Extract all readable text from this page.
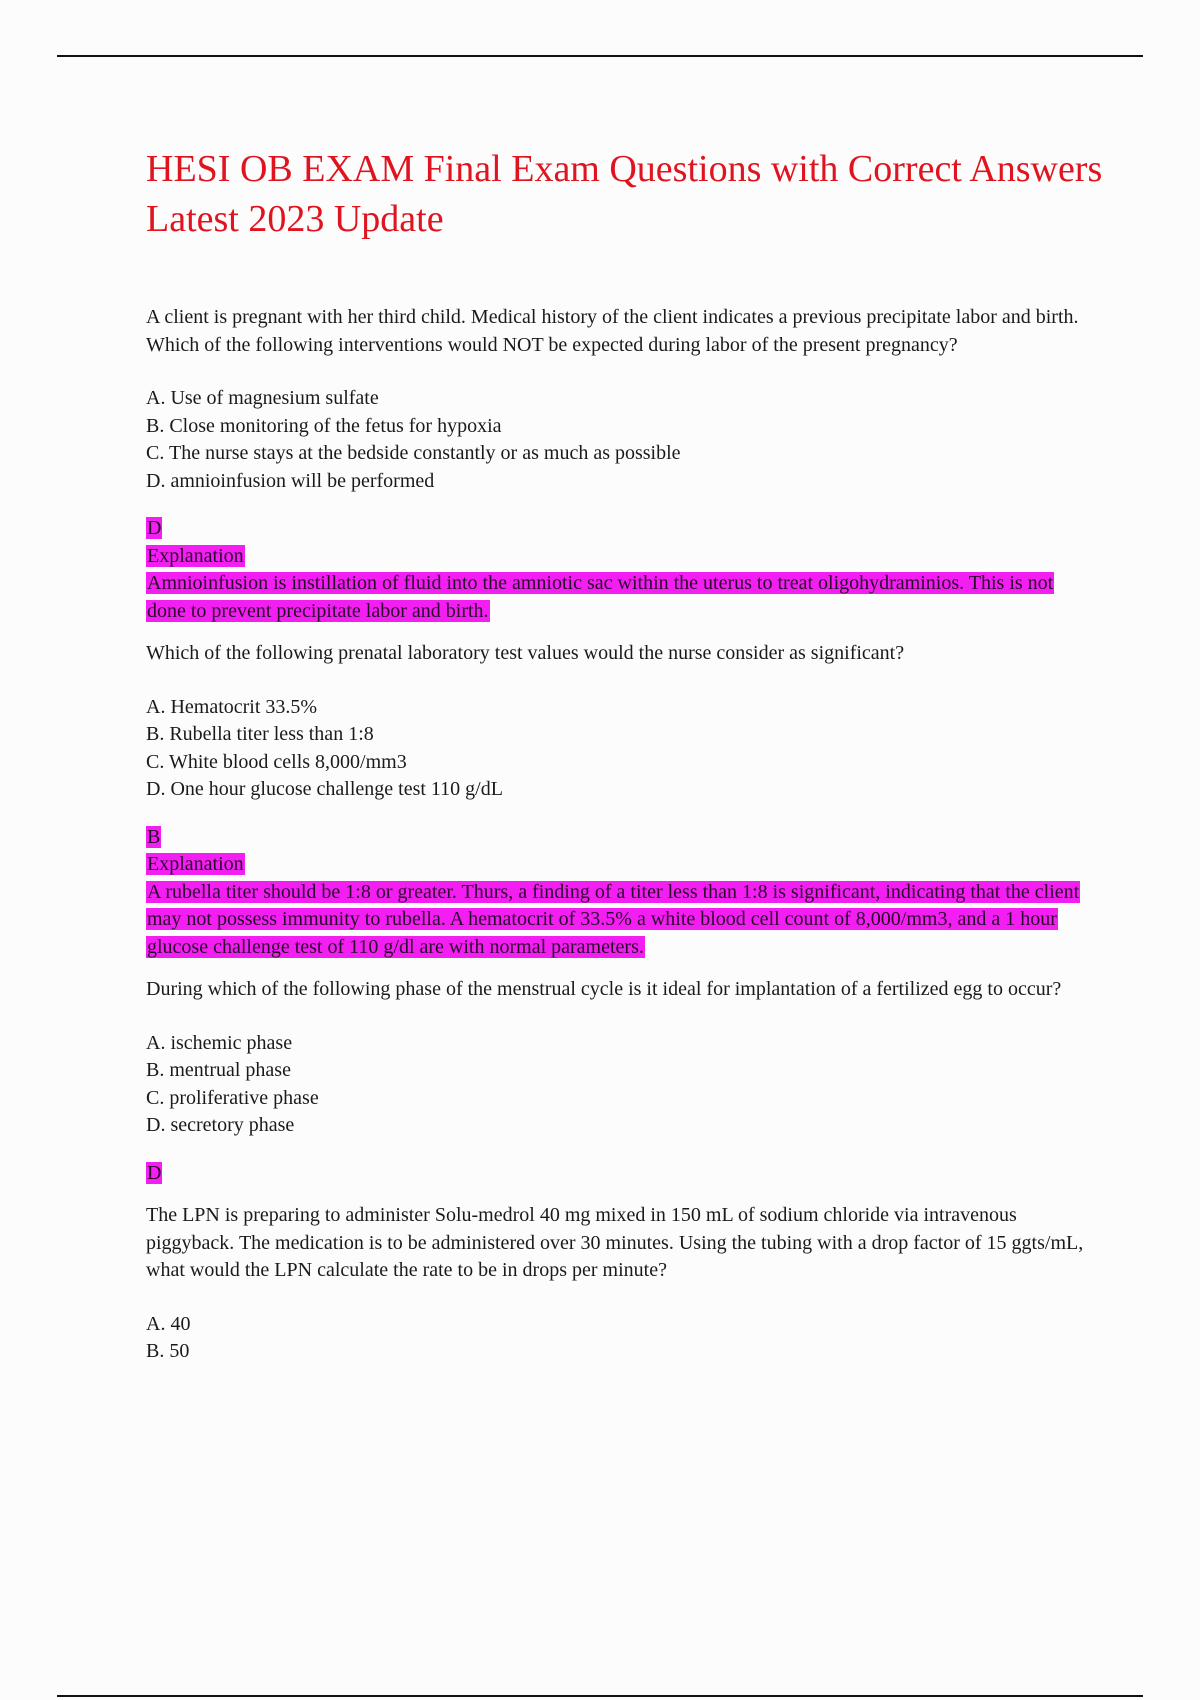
HESI OB EXAM Final Exam Questions with Correct Answers Latest 2023 Update

A client is pregnant with her third child. Medical history of the client indicates a previous precipitate labor and birth. Which of the following interventions would NOT be expected during labor of the present pregnancy?

A. Use of magnesium sulfate
B. Close monitoring of the fetus for hypoxia
C. The nurse stays at the bedside constantly or as much as possible
D. amnioinfusion will be performed
D
Explanation
Amnioinfusion is instillation of fluid into the amniotic sac within the uterus to treat oligohydraminios. This is not done to prevent precipitate labor and birth.

Which of the following prenatal laboratory test values would the nurse consider as significant?

A. Hematocrit 33.5%
B. Rubella titer less than 1:8
C. White blood cells 8,000/mm3
D. One hour glucose challenge test 110 g/dL
B
Explanation
A rubella titer should be 1:8 or greater. Thurs, a finding of a titer less than 1:8 is significant, indicating that the client may not possess immunity to rubella. A hematocrit of 33.5% a white blood cell count of 8,000/mm3, and a 1 hour glucose challenge test of 110 g/dl are with normal parameters.

During which of the following phase of the menstrual cycle is it ideal for implantation of a fertilized egg to occur?

A. ischemic phase
B. mentrual phase
C. proliferative phase
D. secretory phase
D

The LPN is preparing to administer Solu-medrol 40 mg mixed in 150 mL of sodium chloride via intravenous piggyback. The medication is to be administered over 30 minutes. Using the tubing with a drop factor of 15 ggts/mL, what would the LPN calculate the rate to be in drops per minute?

A. 40
B. 50
